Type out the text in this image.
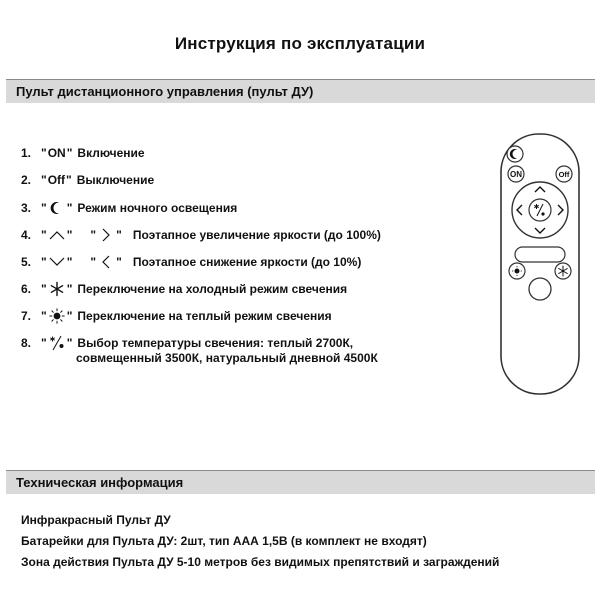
Инструкция по эксплуатации
Пульт дистанционного управления (пульт ДУ)
1. " ON " Включение
2. " Off " Выключение
3. " " Режим ночного освещения
4. " " " " Поэтапное увеличение яркости (до 100%)
5. " " " " Поэтапное снижение яркости (до 10%)
6. " " Переключение на холодный режим свечения
7. " " Переключение на теплый режим свечения
8. " " Выбор температуры свечения: теплый 2700К,
совмещенный 3500К, натуральный дневной 4500К
ON	Off
Техническая информация
Инфракрасный Пульт ДУ
Батарейки для Пульта ДУ: 2шт, тип ААА 1,5В (в комплект не входят)
Зона действия Пульта ДУ 5-10 метров без видимых препятствий и заграждений
